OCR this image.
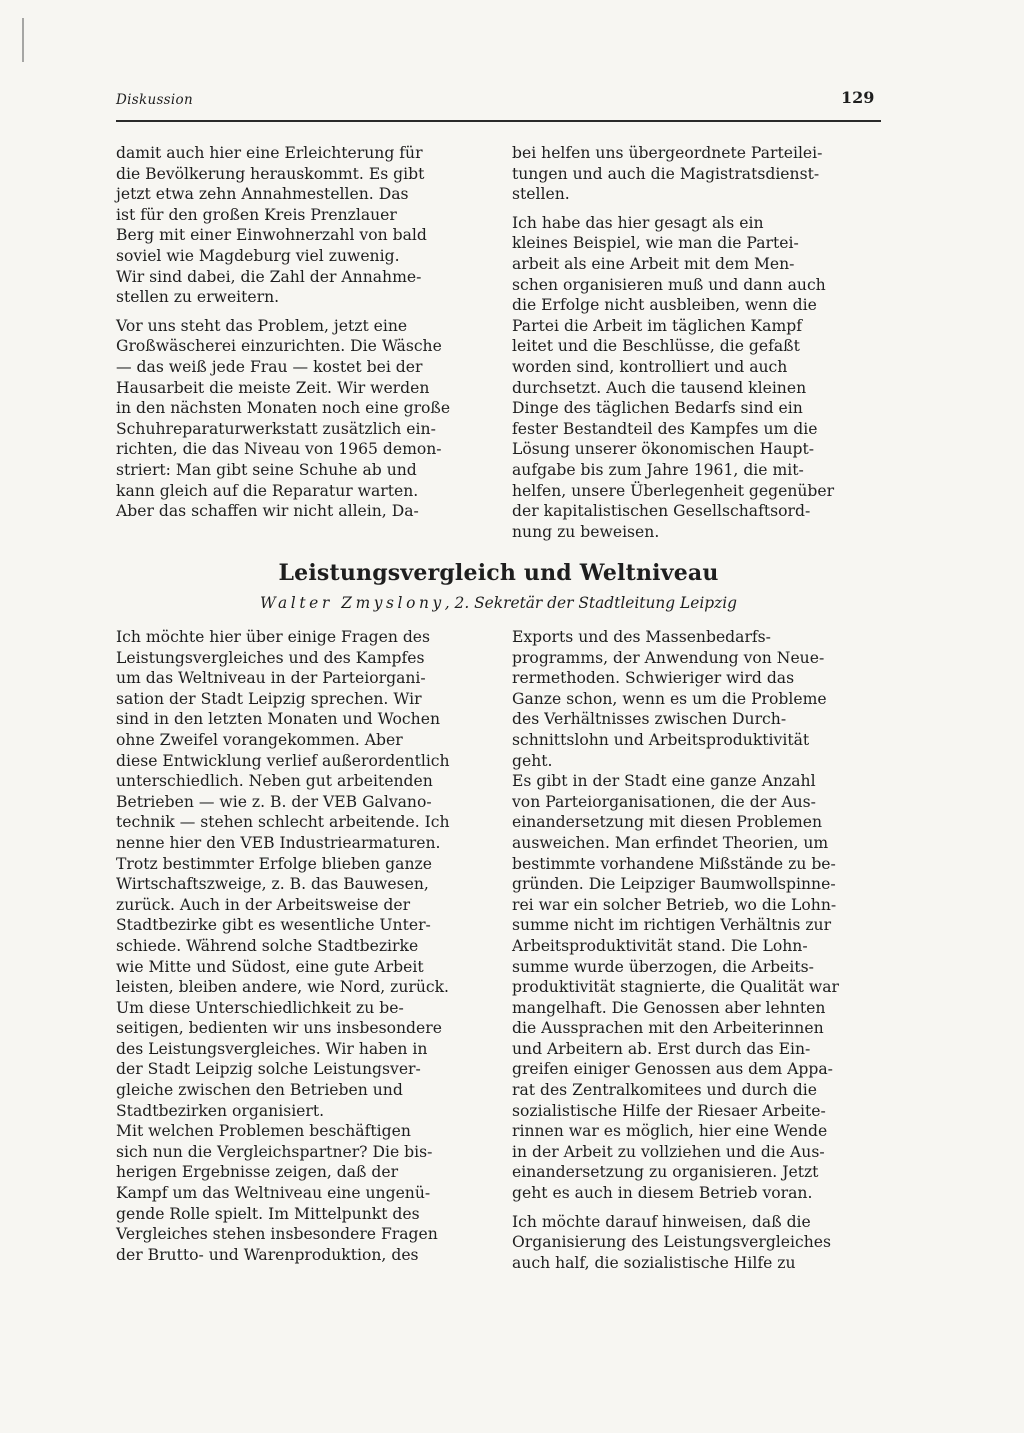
Diskussion	129
damit auch hier eine Erleichterung für
die Bevölkerung herauskommt. Es gibt
jetzt etwa zehn Annahmestellen. Das
ist für den großen Kreis Prenzlauer
Berg mit einer Einwohnerzahl von bald
soviel wie Magdeburg viel zuwenig.
Wir sind dabei, die Zahl der Annahme-
stellen zu erweitern.
Vor uns steht das Problem, jetzt eine
Großwäscherei einzurichten. Die Wäsche
— das weiß jede Frau — kostet bei der
Hausarbeit die meiste Zeit. Wir werden
in den nächsten Monaten noch eine große
Schuhreparaturwerkstatt zusätzlich ein-
richten, die das Niveau von 1965 demon-
striert: Man gibt seine Schuhe ab und
kann gleich auf die Reparatur warten.
Aber das schaffen wir nicht allein, Da-
bei helfen uns übergeordnete Parteilei-
tungen und auch die Magistratsdienst-
stellen.
Ich habe das hier gesagt als ein
kleines Beispiel, wie man die Partei-
arbeit als eine Arbeit mit dem Men-
schen organisieren muß und dann auch
die Erfolge nicht ausbleiben, wenn die
Partei die Arbeit im täglichen Kampf
leitet und die Beschlüsse, die gefaßt
worden sind, kontrolliert und auch
durchsetzt. Auch die tausend kleinen
Dinge des täglichen Bedarfs sind ein
fester Bestandteil des Kampfes um die
Lösung unserer ökonomischen Haupt-
aufgabe bis zum Jahre 1961, die mit-
helfen, unsere Überlegenheit gegenüber
der kapitalistischen Gesellschaftsord-
nung zu beweisen.
Leistungsvergleich und Weltniveau
Walter Zmyslony, 2. Sekretär der Stadtleitung Leipzig
Ich möchte hier über einige Fragen des
Leistungsvergleiches und des Kampfes
um das Weltniveau in der Parteiorgani-
sation der Stadt Leipzig sprechen. Wir
sind in den letzten Monaten und Wochen
ohne Zweifel vorangekommen. Aber
diese Entwicklung verlief außerordentlich
unterschiedlich. Neben gut arbeitenden
Betrieben — wie z. B. der VEB Galvano-
technik — stehen schlecht arbeitende. Ich
nenne hier den VEB Industriearmaturen.
Trotz bestimmter Erfolge blieben ganze
Wirtschaftszweige, z. B. das Bauwesen,
zurück. Auch in der Arbeitsweise der
Stadtbezirke gibt es wesentliche Unter-
schiede. Während solche Stadtbezirke
wie Mitte und Südost, eine gute Arbeit
leisten, bleiben andere, wie Nord, zurück.
Um diese Unterschiedlichkeit zu be-
seitigen, bedienten wir uns insbesondere
des Leistungsvergleiches. Wir haben in
der Stadt Leipzig solche Leistungsver-
gleiche zwischen den Betrieben und
Stadtbezirken organisiert.
Mit welchen Problemen beschäftigen
sich nun die Vergleichspartner? Die bis-
herigen Ergebnisse zeigen, daß der
Kampf um das Weltniveau eine ungenü-
gende Rolle spielt. Im Mittelpunkt des
Vergleiches stehen insbesondere Fragen
der Brutto- und Warenproduktion, des
Exports und des Massenbedarfs-
programms, der Anwendung von Neue-
rermethoden. Schwieriger wird das
Ganze schon, wenn es um die Probleme
des Verhältnisses zwischen Durch-
schnittslohn und Arbeitsproduktivität
geht.
Es gibt in der Stadt eine ganze Anzahl
von Parteiorganisationen, die der Aus-
einandersetzung mit diesen Problemen
ausweichen. Man erfindet Theorien, um
bestimmte vorhandene Mißstände zu be-
gründen. Die Leipziger Baumwollspinne-
rei war ein solcher Betrieb, wo die Lohn-
summe nicht im richtigen Verhältnis zur
Arbeitsproduktivität stand. Die Lohn-
summe wurde überzogen, die Arbeits-
produktivität stagnierte, die Qualität war
mangelhaft. Die Genossen aber lehnten
die Aussprachen mit den Arbeiterinnen
und Arbeitern ab. Erst durch das Ein-
greifen einiger Genossen aus dem Appa-
rat des Zentralkomitees und durch die
sozialistische Hilfe der Riesaer Arbeite-
rinnen war es möglich, hier eine Wende
in der Arbeit zu vollziehen und die Aus-
einandersetzung zu organisieren. Jetzt
geht es auch in diesem Betrieb voran.
Ich möchte darauf hinweisen, daß die
Organisierung des Leistungsvergleiches
auch half, die sozialistische Hilfe zu
